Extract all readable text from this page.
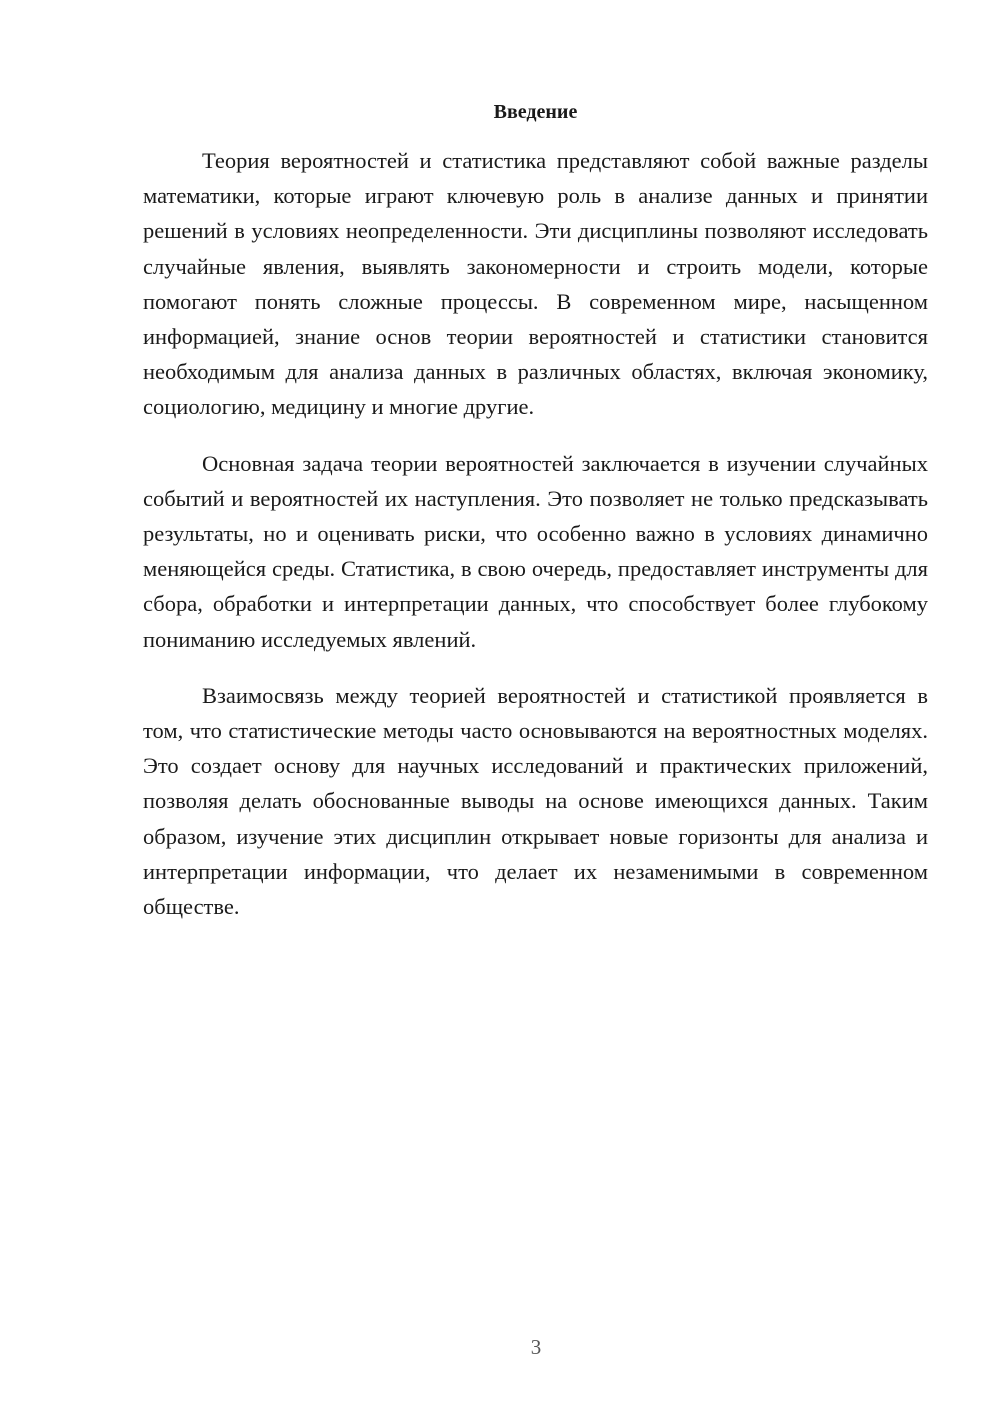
Введение

Теория вероятностей и статистика представляют собой важные разделы математики, которые играют ключевую роль в анализе данных и принятии решений в условиях неопределенности. Эти дисциплины позволяют исследовать случайные явления, выявлять закономерности и строить модели, которые помогают понять сложные процессы. В современном мире, насыщенном информацией, знание основ теории вероятностей и статистики становится необходимым для анализа данных в различных областях, включая экономику, социологию, медицину и многие другие.

Основная задача теории вероятностей заключается в изучении случайных событий и вероятностей их наступления. Это позволяет не только предсказывать результаты, но и оценивать риски, что особенно важно в условиях динамично меняющейся среды. Статистика, в свою очередь, предоставляет инструменты для сбора, обработки и интерпретации данных, что способствует более глубокому пониманию исследуемых явлений.

Взаимосвязь между теорией вероятностей и статистикой проявляется в том, что статистические методы часто основываются на вероятностных моделях. Это создает основу для научных исследований и практических приложений, позволяя делать обоснованные выводы на основе имеющихся данных. Таким образом, изучение этих дисциплин открывает новые горизонты для анализа и интерпретации информации, что делает их незаменимыми в современном обществе.

3
